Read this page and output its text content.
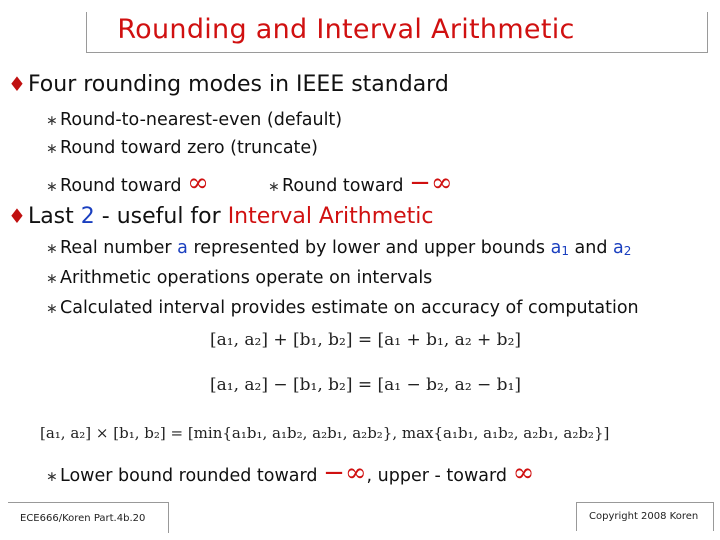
Rounding and Interval Arithmetic
♦Four rounding modes in IEEE standard
∗ Round-to-nearest-even (default)
∗ Round toward zero (truncate)
∗ Round toward ∞	∗ Round toward −∞
♦Last 2 - useful for Interval Arithmetic
∗ Real number a represented by lower and upper bounds a1 and a2
∗ Arithmetic operations operate on intervals
∗ Calculated interval provides estimate on accuracy of computation
[a₁, a₂] + [b₁, b₂] = [a₁ + b₁, a₂ + b₂]
[a₁, a₂] − [b₁, b₂] = [a₁ − b₂, a₂ − b₁]
[a₁, a₂] × [b₁, b₂] = [min{a₁b₁, a₁b₂, a₂b₁, a₂b₂}, max{a₁b₁, a₁b₂, a₂b₁, a₂b₂}]
∗ Lower bound rounded toward −∞, upper - toward ∞
ECE666/Koren Part.4b.20	Copyright 2008 Koren
